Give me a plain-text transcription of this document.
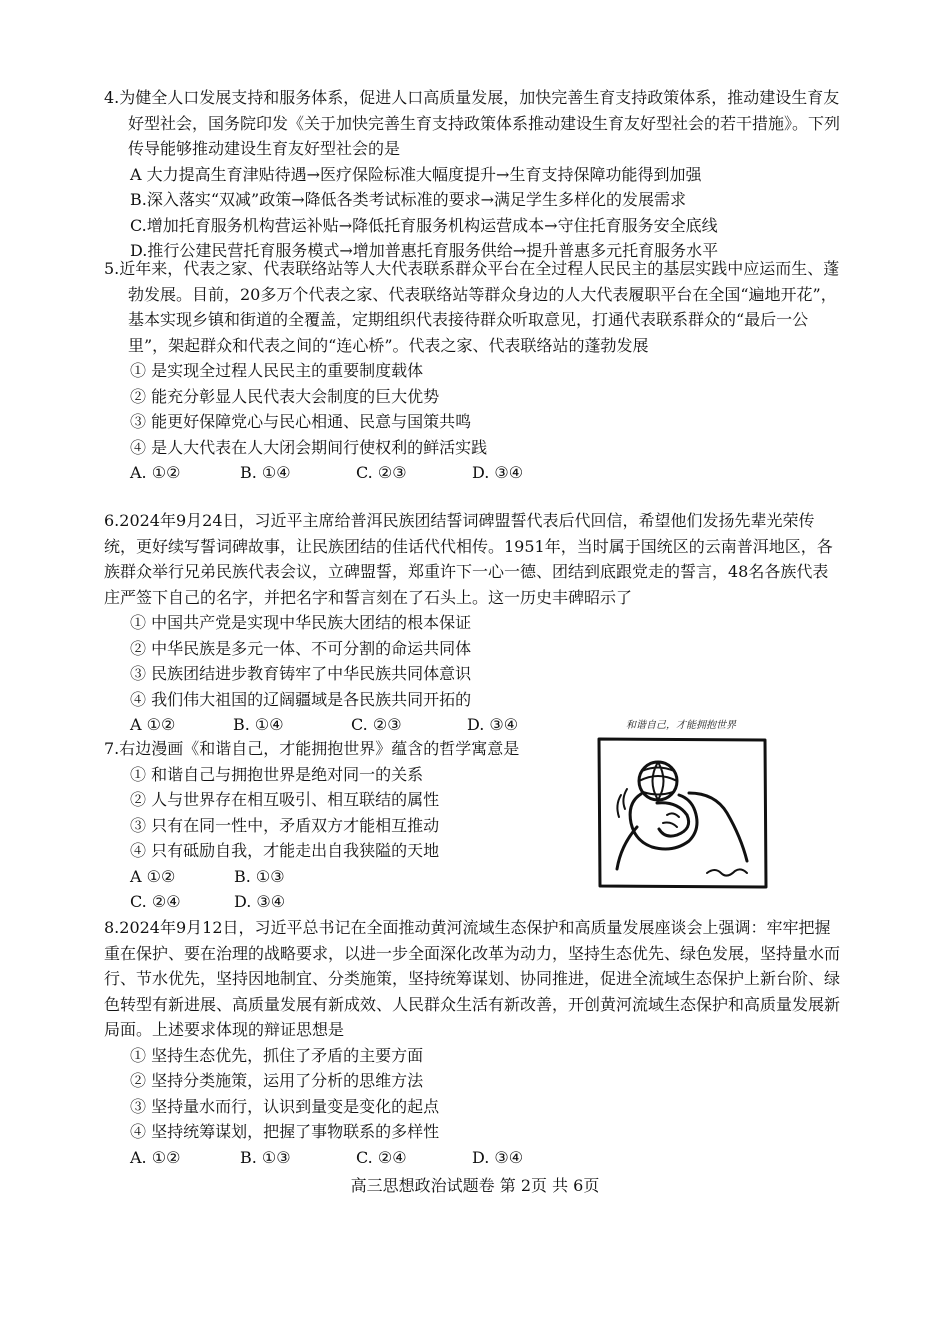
4.为健全人口发展支持和服务体系，促进人口高质量发展，加快完善生育支持政策体系，推动建设生育友好型社会，国务院印发《关于加快完善生育支持政策体系推动建设生育友好型社会的若干措施》。下列传导能够推动建设生育友好型社会的是
A 大力提高生育津贴待遇→医疗保险标准大幅度提升→生育支持保障功能得到加强
B.深入落实“双减”政策→降低各类考试标准的要求→满足学生多样化的发展需求
C.增加托育服务机构营运补贴→降低托育服务机构运营成本→守住托育服务安全底线
D.推行公建民营托育服务模式→增加普惠托育服务供给→提升普惠多元托育服务水平
5.近年来，代表之家、代表联络站等人大代表联系群众平台在全过程人民民主的基层实践中应运而生、蓬勃发展。目前，20多万个代表之家、代表联络站等群众身边的人大代表履职平台在全国“遍地开花”，基本实现乡镇和街道的全覆盖，定期组织代表接待群众听取意见，打通代表联系群众的“最后一公里”，架起群众和代表之间的“连心桥”。代表之家、代表联络站的蓬勃发展
① 是实现全过程人民民主的重要制度载体
② 能充分彰显人民代表大会制度的巨大优势
③ 能更好保障党心与民心相通、民意与国策共鸣
④ 是人大代表在人大闭会期间行使权利的鲜活实践
A. ①②	B. ①④	C. ②③	D. ③④
6.2024年9月24日，习近平主席给普洱民族团结誓词碑盟誓代表后代回信，希望他们发扬先辈光荣传统，更好续写誓词碑故事，让民族团结的佳话代代相传。1951年，当时属于国统区的云南普洱地区，各族群众举行兄弟民族代表会议，立碑盟誓，郑重许下一心一德、团结到底跟党走的誓言，48名各族代表庄严签下自己的名字，并把名字和誓言刻在了石头上。这一历史丰碑昭示了
① 中国共产党是实现中华民族大团结的根本保证
② 中华民族是多元一体、不可分割的命运共同体
③ 民族团结进步教育铸牢了中华民族共同体意识
④ 我们伟大祖国的辽阔疆域是各民族共同开拓的
A ①②	B. ①④	C. ②③	D. ③④
7.右边漫画《和谐自己，才能拥抱世界》蕴含的哲学寓意是
① 和谐自己与拥抱世界是绝对同一的关系
② 人与世界存在相互吸引、相互联结的属性
③ 只有在同一性中，矛盾双方才能相互推动
④ 只有砥励自我，才能走出自我狭隘的天地
A ①②	B. ①③
C. ②④	D. ③④
和谐自己，才能拥抱世界
8.2024年9月12日，习近平总书记在全面推动黄河流域生态保护和高质量发展座谈会上强调：牢牢把握重在保护、要在治理的战略要求，以进一步全面深化改革为动力，坚持生态优先、绿色发展，坚持量水而行、节水优先，坚持因地制宜、分类施策，坚持统筹谋划、协同推进，促进全流域生态保护上新台阶、绿色转型有新进展、高质量发展有新成效、人民群众生活有新改善，开创黄河流域生态保护和高质量发展新局面。上述要求体现的辩证思想是
① 坚持生态优先，抓住了矛盾的主要方面
② 坚持分类施策，运用了分析的思维方法
③ 坚持量水而行，认识到量变是变化的起点
④ 坚持统筹谋划，把握了事物联系的多样性
A. ①②	B. ①③	C. ②④	D. ③④
高三思想政治试题卷 第 2页 共 6页
